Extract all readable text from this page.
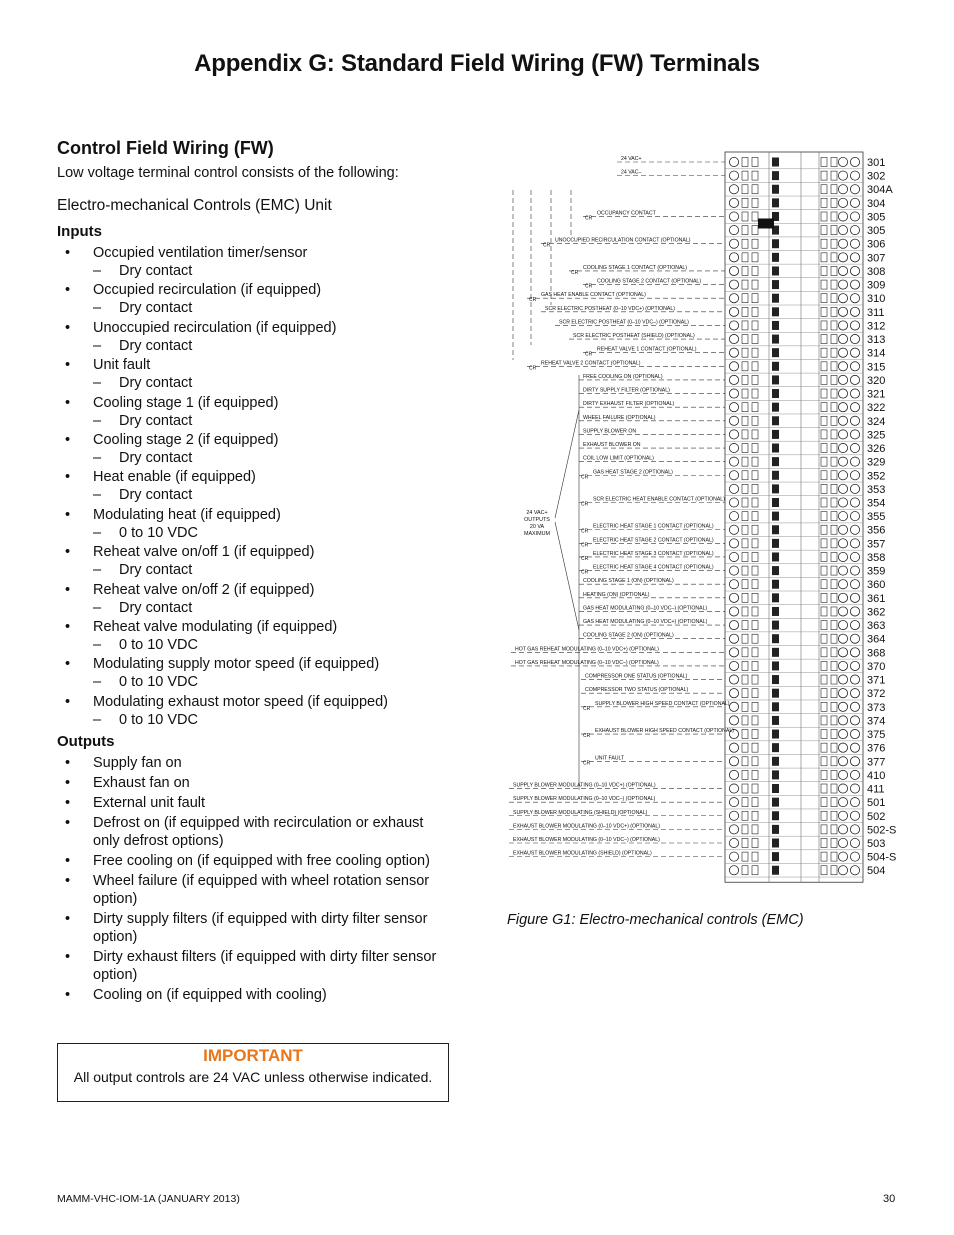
Appendix G: Standard Field Wiring (FW) Terminals
Control Field Wiring (FW)
Low voltage terminal control consists of the following:
Electro-mechanical Controls (EMC) Unit
Inputs
• Occupied ventilation timer/sensor
– Dry contact
• Occupied recirculation (if equipped)
– Dry contact
• Unoccupied recirculation (if equipped)
– Dry contact
• Unit fault
– Dry contact
• Cooling stage 1 (if equipped)
– Dry contact
• Cooling stage 2 (if equipped)
– Dry contact
• Heat enable (if equipped)
– Dry contact
• Modulating heat (if equipped)
– 0 to 10 VDC
• Reheat valve on/off 1 (if equipped)
– Dry contact
• Reheat valve on/off 2 (if equipped)
– Dry contact
• Reheat valve modulating (if equipped)
– 0 to 10 VDC
• Modulating supply motor speed (if equipped)
– 0 to 10 VDC
• Modulating exhaust motor speed (if equipped)
– 0 to 10 VDC
Outputs
• Supply fan on
• Exhaust fan on
• External unit fault
• Defrost on (if equipped with recirculation or exhaust only defrost options)
• Free cooling on (if equipped with free cooling option)
• Wheel failure (if equipped with wheel rotation sensor option)
• Dirty supply filters (if equipped with dirty filter sensor option)
• Dirty exhaust filters (if equipped with dirty filter sensor option)
• Cooling on (if equipped with cooling)
IMPORTANT
All output controls are 24 VAC unless otherwise indicated.
301
302
304A
304
305
305
306
307
308
309
310
311
312
313
314
315
320
321
322
324
325
326
329
352
353
354
355
356
357
358
359
360
361
362
363
364
368
370
371
372
373
374
375
376
377
410
411
501
502
502-S
503
504-S
504
24 VAC+
24 VAC–
CR
OCCUPANCY CONTACT
CR
UNOCCUPIED RECIRCULATION CONTACT (OPTIONAL)
CR
COOLING STAGE 1 CONTACT (OPTIONAL)
CR
COOLING STAGE 2 CONTACT (OPTIONAL)
CR
GAS HEAT ENABLE CONTACT (OPTIONAL)
SCR ELECTRIC POSTHEAT (0–10 VDC+) (OPTIONAL)
SCR ELECTRIC POSTHEAT (0–10 VDC–) (OPTIONAL)
SCR ELECTRIC POSTHEAT (SHIELD) (OPTIONAL)
CR
REHEAT VALVE 1 CONTACT (OPTIONAL)
CR
REHEAT VALVE 2 CONTACT (OPTIONAL)
FREE COOLING ON (OPTIONAL)
DIRTY SUPPLY FILTER (OPTIONAL)
DIRTY EXHAUST FILTER (OPTIONAL)
WHEEL FAILURE (OPTIONAL)
SUPPLY BLOWER ON
EXHAUST BLOWER ON
COIL LOW LIMIT (OPTIONAL)
CR
GAS HEAT STAGE 2 (OPTIONAL)
CR
SCR ELECTRIC HEAT ENABLE CONTACT (OPTIONAL)
CR
ELECTRIC HEAT STAGE 1 CONTACT (OPTIONAL)
CR
ELECTRIC HEAT STAGE 2 CONTACT (OPTIONAL)
CR
ELECTRIC HEAT STAGE 3 CONTACT (OPTIONAL)
CR
ELECTRIC HEAT STAGE 4 CONTACT (OPTIONAL)
COOLING STAGE 1 (ON) (OPTIONAL)
HEATING (ON) (OPTIONAL)
GAS HEAT MODULATING (0–10 VDC–) (OPTIONAL)
GAS HEAT MODULATING (0–10 VDC+) (OPTIONAL)
COOLING STAGE 2 (ON) (OPTIONAL)
HOT GAS REHEAT MODULATING (0–10 VDC+) (OPTIONAL)
HOT GAS REHEAT MODULATING (0–10 VDC–) (OPTIONAL)
COMPRESSOR ONE STATUS (OPTIONAL)
COMPRESSOR TWO STATUS (OPTIONAL)
CR
SUPPLY BLOWER HIGH SPEED CONTACT (OPTIONAL)
CR
EXHAUST BLOWER HIGH SPEED CONTACT (OPTIONAL)
CR
UNIT FAULT
SUPPLY BLOWER MODULATING (0–10 VDC+) (OPTIONAL)
SUPPLY BLOWER MODULATING (0–10 VDC–) (OPTIONAL)
SUPPLY BLOWER MODULATING (SHIELD) (OPTIONAL)
EXHAUST BLOWER MODULATING (0–10 VDC+) (OPTIONAL)
EXHAUST BLOWER MODULATING (0–10 VDC–) (OPTIONAL)
EXHAUST BLOWER MODULATING (SHIELD) (OPTIONAL)
24 VAC+
OUTPUTS
20 VA
MAXIMUM
Figure G1: Electro-mechanical controls (EMC)
MAMM-VHC-IOM-1A (JANUARY 2013)	30
